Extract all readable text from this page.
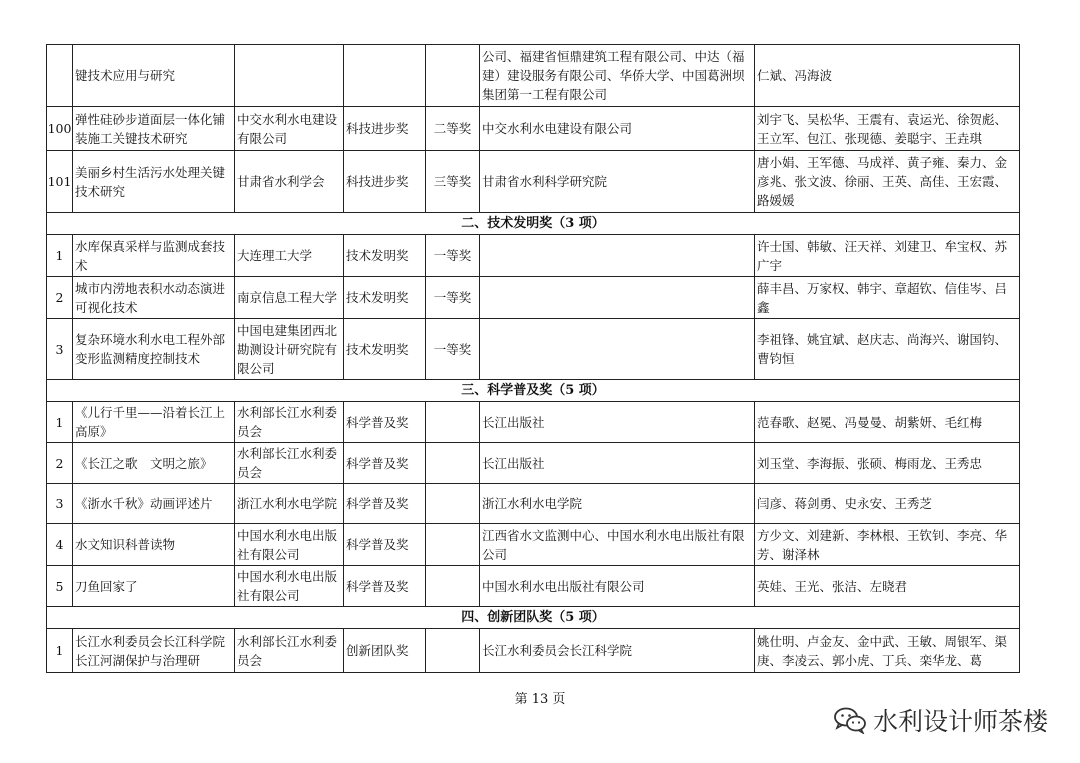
	键技术应用与研究				公司、福建省恒鼎建筑工程有限公司、中达（福建）建设服务有限公司、华侨大学、中国葛洲坝集团第一工程有限公司	仁斌、冯海波
100	弹性硅砂步道面层一体化铺装施工关键技术研究	中交水利水电建设有限公司	科技进步奖	二等奖	中交水利水电建设有限公司	刘宇飞、吴松华、王震有、袁运光、徐贺彪、王立军、包江、张现德、姜聪宇、王垚琪
101	美丽乡村生活污水处理关键技术研究	甘肃省水利学会	科技进步奖	三等奖	甘肃省水利科学研究院	唐小娟、王军德、马成祥、黄子雍、秦力、金彦兆、张文波、徐丽、王英、高佳、王宏霞、路媛媛
二、技术发明奖（3 项）						
1	水库保真采样与监测成套技术	大连理工大学	技术发明奖	一等奖		许士国、韩敏、汪天祥、刘建卫、牟宝权、苏广宇
2	城市内涝地表积水动态演进可视化技术	南京信息工程大学	技术发明奖	一等奖		薛丰昌、万家权、韩宇、章超钦、信佳岑、吕鑫
3	复杂环境水利水电工程外部变形监测精度控制技术	中国电建集团西北勘测设计研究院有限公司	技术发明奖	一等奖		李祖锋、姚宜斌、赵庆志、尚海兴、谢国钧、曹钧恒
三、科学普及奖（5 项）						
1	《儿行千里——沿着长江上高原》	水利部长江水利委员会	科学普及奖		长江出版社	范春歌、赵冕、冯曼曼、胡紫妍、毛红梅
2	《长江之歌　文明之旅》	水利部长江水利委员会	科学普及奖		长江出版社	刘玉堂、李海振、张硕、梅雨龙、王秀忠
3	《浙水千秋》动画评述片	浙江水利水电学院	科学普及奖		浙江水利水电学院	闫彦、蒋剑勇、史永安、王秀芝
4	水文知识科普读物	中国水利水电出版社有限公司	科学普及奖		江西省水文监测中心、中国水利水电出版社有限公司	方少文、刘建新、李林根、王钦钊、李亮、华芳、谢泽林
5	刀鱼回家了	中国水利水电出版社有限公司	科学普及奖		中国水利水电出版社有限公司	英娃、王光、张洁、左晓君
四、创新团队奖（5 项）						
1	长江水利委员会长江科学院长江河湖保护与治理研	水利部长江水利委员会	创新团队奖		长江水利委员会长江科学院	姚仕明、卢金友、金中武、王敏、周银军、渠庚、李凌云、郭小虎、丁兵、栾华龙、葛
第 13 页
水利设计师茶楼
